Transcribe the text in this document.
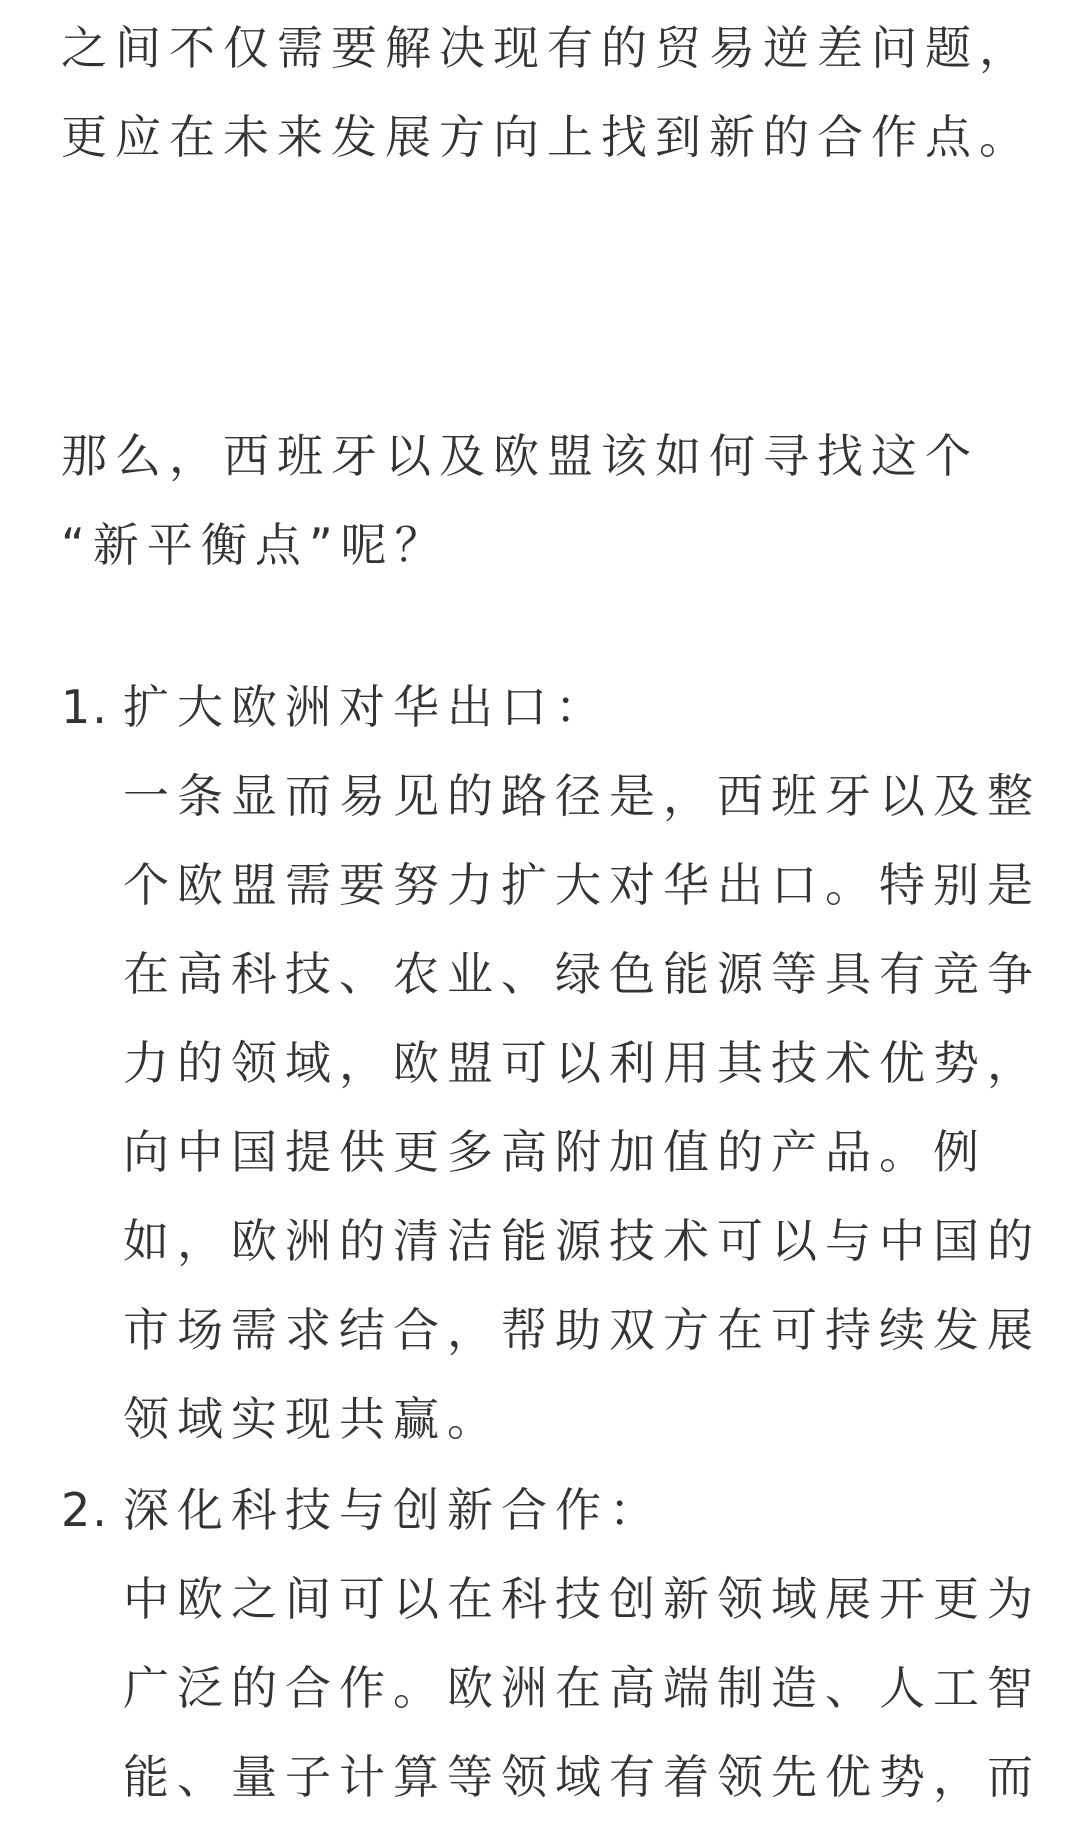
之间不仅需要解决现有的贸易逆差问题，
更应在未来发展方向上找到新的合作点。

那么，西班牙以及欧盟该如何寻找这个
“新平衡点”呢？

1. 扩大欧洲对华出口：
一条显而易见的路径是，西班牙以及整
个欧盟需要努力扩大对华出口。特别是
在高科技、农业、绿色能源等具有竞争
力的领域，欧盟可以利用其技术优势，
向中国提供更多高附加值的产品。例
如，欧洲的清洁能源技术可以与中国的
市场需求结合，帮助双方在可持续发展
领域实现共赢。
2. 深化科技与创新合作：
中欧之间可以在科技创新领域展开更为
广泛的合作。欧洲在高端制造、人工智
能、量子计算等领域有着领先优势，而
